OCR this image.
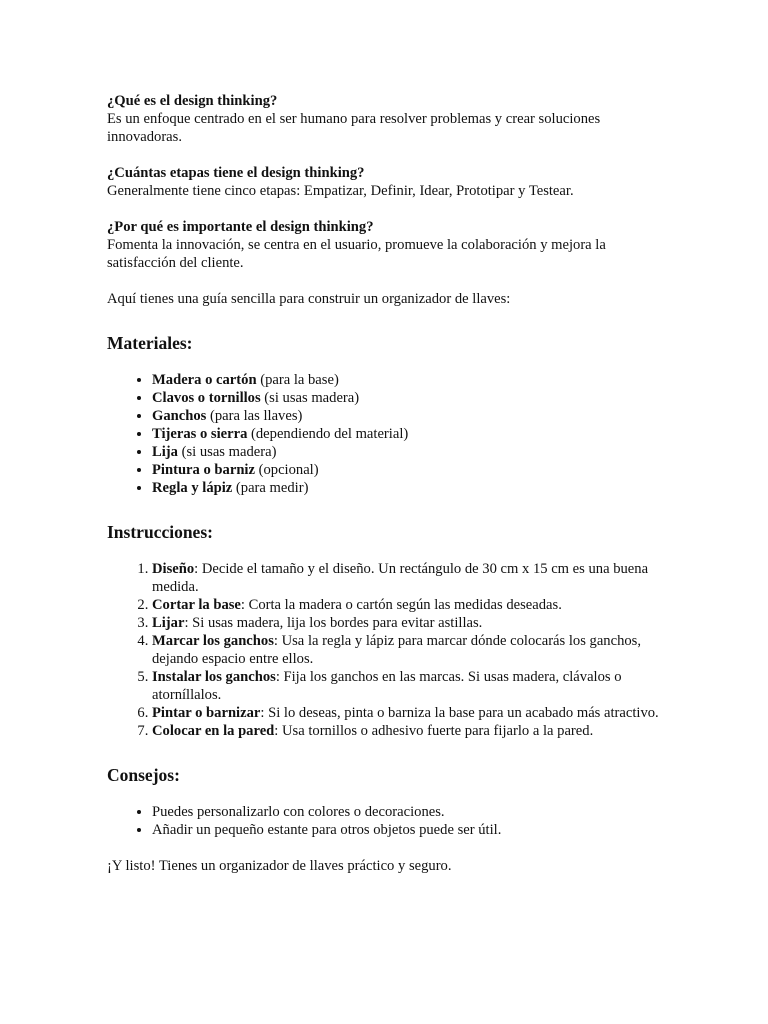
¿Qué es el design thinking?
Es un enfoque centrado en el ser humano para resolver problemas y crear soluciones innovadoras.
¿Cuántas etapas tiene el design thinking?
Generalmente tiene cinco etapas: Empatizar, Definir, Idear, Prototipar y Testear.
¿Por qué es importante el design thinking?
Fomenta la innovación, se centra en el usuario, promueve la colaboración y mejora la satisfacción del cliente.

Aquí tienes una guía sencilla para construir un organizador de llaves:

Materiales:
• Madera o cartón (para la base)
• Clavos o tornillos (si usas madera)
• Ganchos (para las llaves)
• Tijeras o sierra (dependiendo del material)
• Lija (si usas madera)
• Pintura o barniz (opcional)
• Regla y lápiz (para medir)
Instrucciones:
1. Diseño: Decide el tamaño y el diseño. Un rectángulo de 30 cm x 15 cm es una buena medida.
2. Cortar la base: Corta la madera o cartón según las medidas deseadas.
3. Lijar: Si usas madera, lija los bordes para evitar astillas.
4. Marcar los ganchos: Usa la regla y lápiz para marcar dónde colocarás los ganchos, dejando espacio entre ellos.
5. Instalar los ganchos: Fija los ganchos en las marcas. Si usas madera, clávalos o atorníllalos.
6. Pintar o barnizar: Si lo deseas, pinta o barniza la base para un acabado más atractivo.
7. Colocar en la pared: Usa tornillos o adhesivo fuerte para fijarlo a la pared.
Consejos:
• Puedes personalizarlo con colores o decoraciones.
• Añadir un pequeño estante para otros objetos puede ser útil.

¡Y listo! Tienes un organizador de llaves práctico y seguro.
